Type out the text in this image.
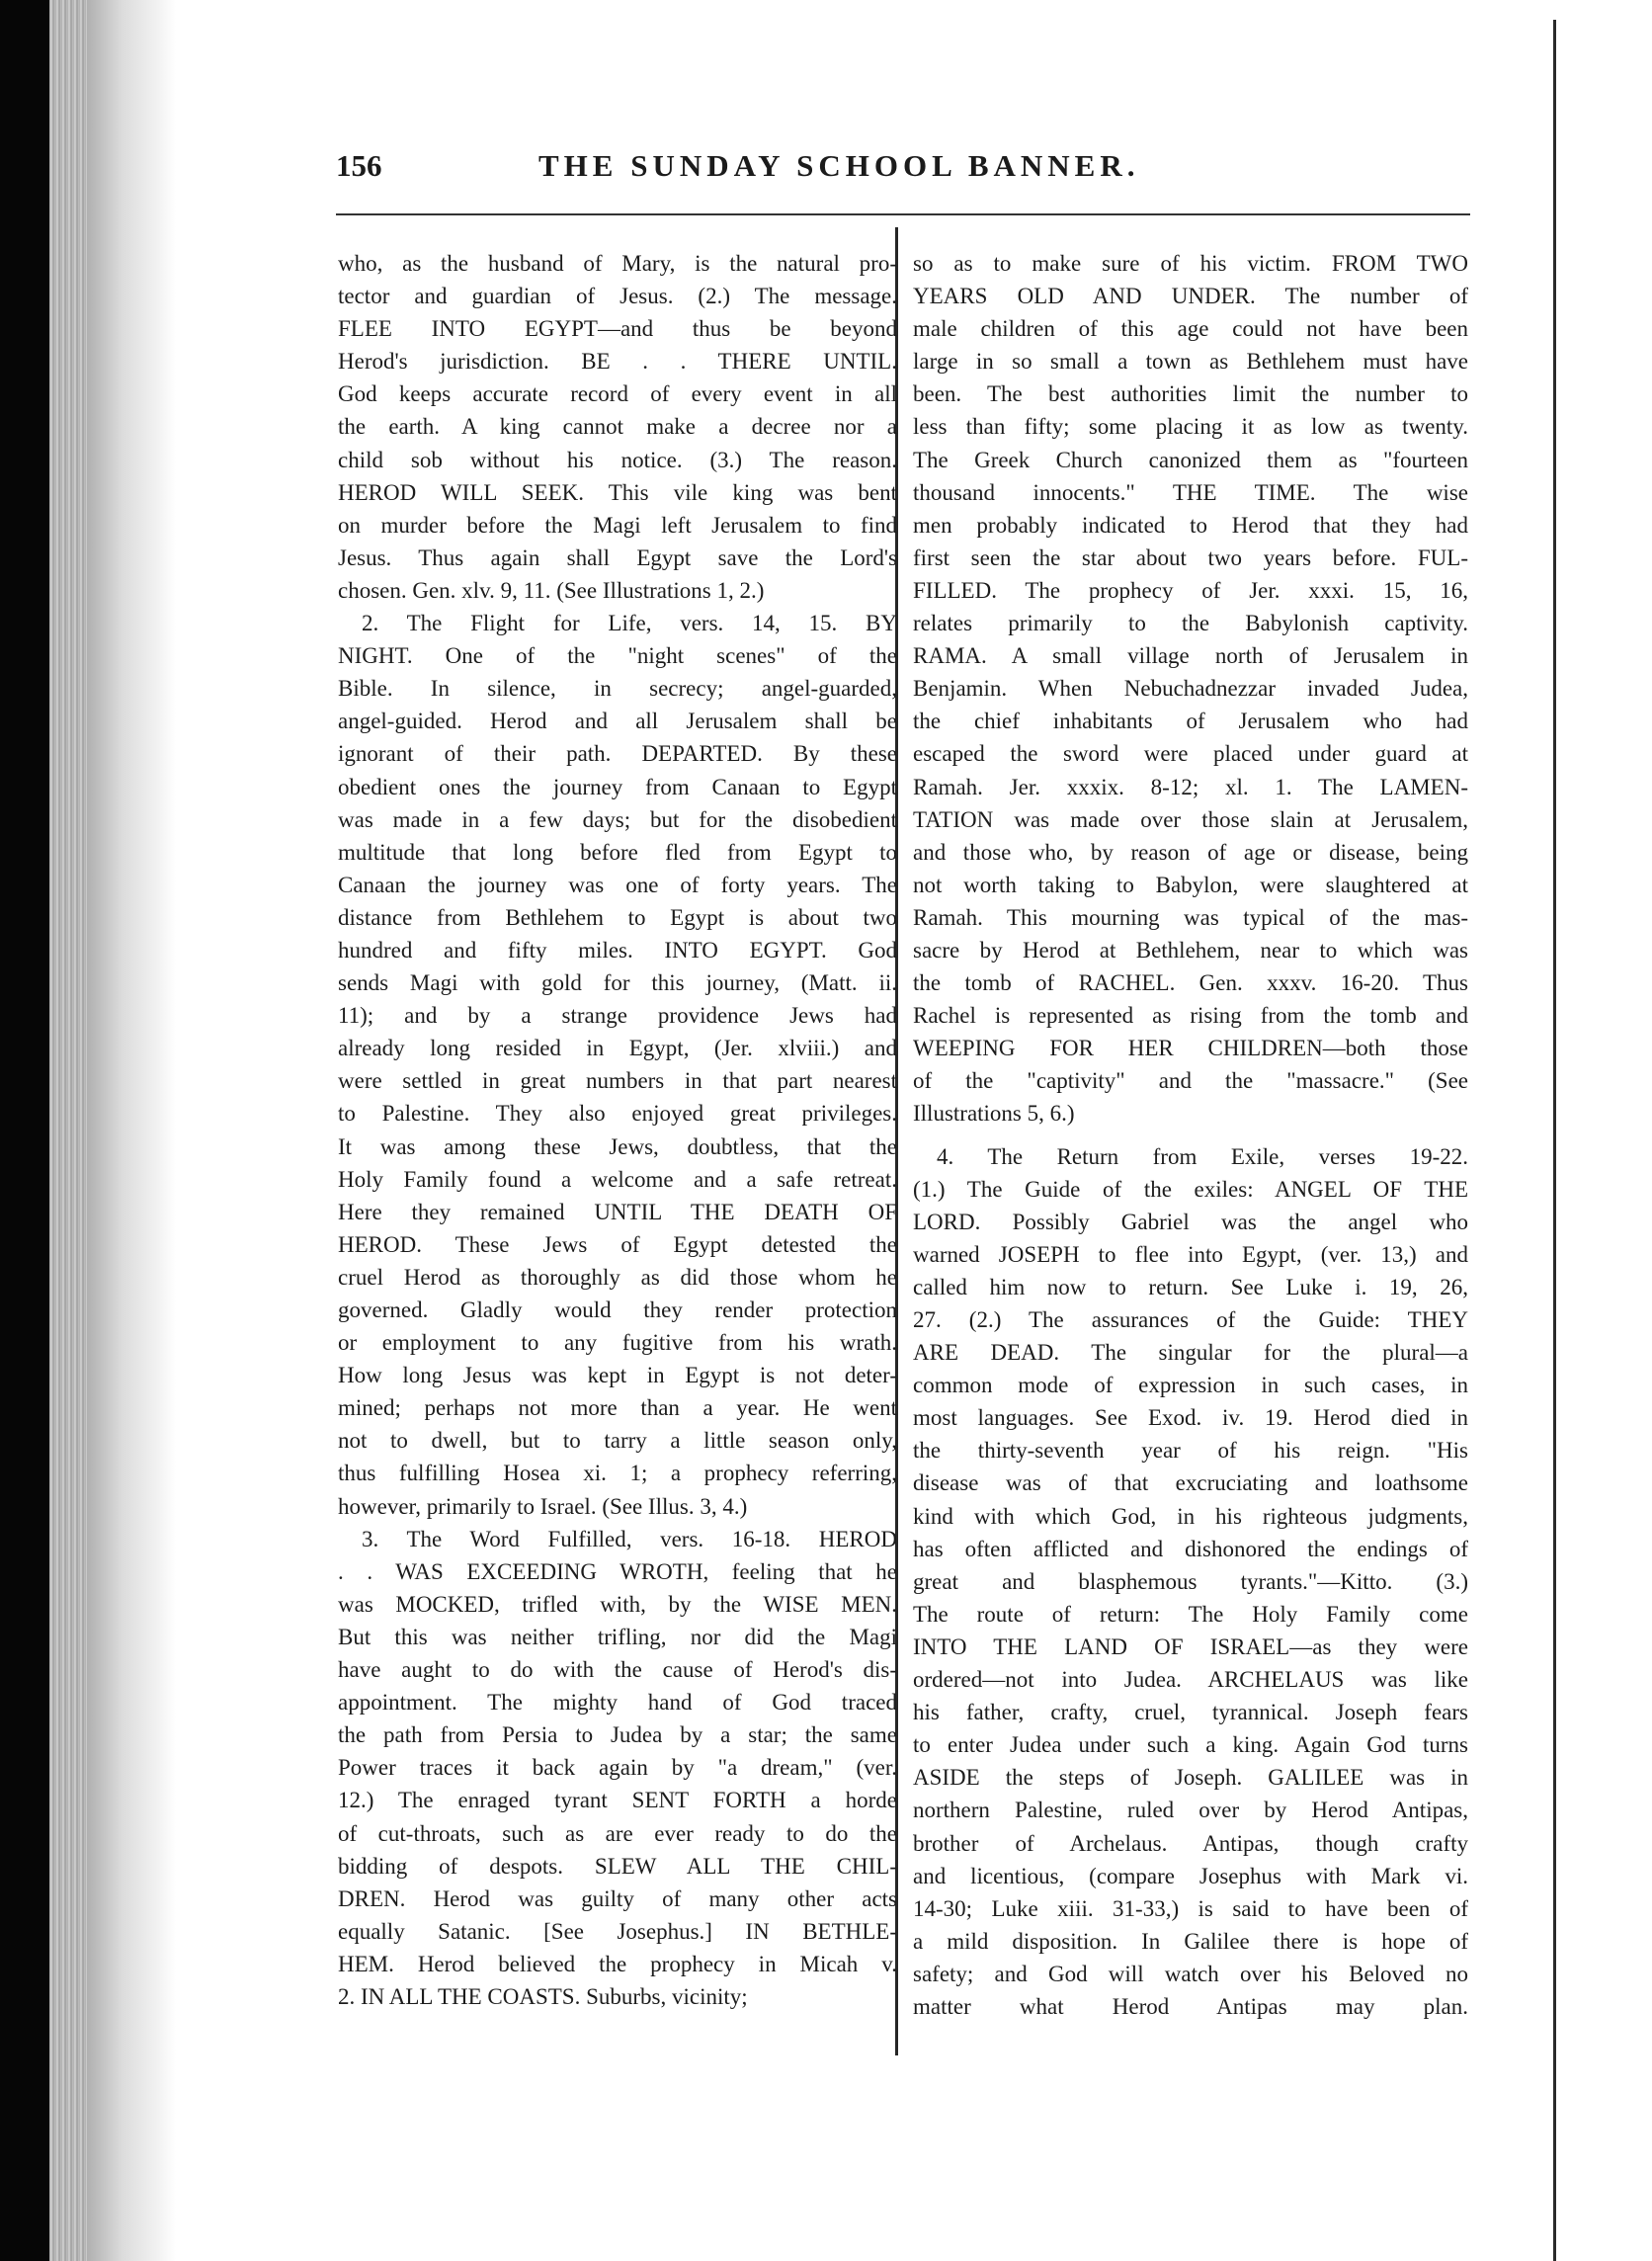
156	THE SUNDAY SCHOOL BANNER.
who, as the husband of Mary, is the natural pro-
tector and guardian of Jesus. (2.) The message.
FLEE INTO EGYPT—and thus be beyond
Herod's jurisdiction. BE . . THERE UNTIL.
God keeps accurate record of every event in all
the earth. A king cannot make a decree nor a
child sob without his notice. (3.) The reason.
HEROD WILL SEEK. This vile king was bent
on murder before the Magi left Jerusalem to find
Jesus. Thus again shall Egypt save the Lord's
chosen. Gen. xlv. 9, 11. (See Illustrations 1, 2.)
2. The Flight for Life, vers. 14, 15. BY
NIGHT. One of the "night scenes" of the
Bible. In silence, in secrecy; angel-guarded,
angel-guided. Herod and all Jerusalem shall be
ignorant of their path. DEPARTED. By these
obedient ones the journey from Canaan to Egypt
was made in a few days; but for the disobedient
multitude that long before fled from Egypt to
Canaan the journey was one of forty years. The
distance from Bethlehem to Egypt is about two
hundred and fifty miles. INTO EGYPT. God
sends Magi with gold for this journey, (Matt. ii.
11); and by a strange providence Jews had
already long resided in Egypt, (Jer. xlviii.) and
were settled in great numbers in that part nearest
to Palestine. They also enjoyed great privileges.
It was among these Jews, doubtless, that the
Holy Family found a welcome and a safe retreat.
Here they remained UNTIL THE DEATH OF
HEROD. These Jews of Egypt detested the
cruel Herod as thoroughly as did those whom he
governed. Gladly would they render protection
or employment to any fugitive from his wrath.
How long Jesus was kept in Egypt is not deter-
mined; perhaps not more than a year. He went
not to dwell, but to tarry a little season only,
thus fulfilling Hosea xi. 1; a prophecy referring,
however, primarily to Israel. (See Illus. 3, 4.)
3. The Word Fulfilled, vers. 16-18. HEROD
. . WAS EXCEEDING WROTH, feeling that he
was MOCKED, trifled with, by the WISE MEN.
But this was neither trifling, nor did the Magi
have aught to do with the cause of Herod's dis-
appointment. The mighty hand of God traced
the path from Persia to Judea by a star; the same
Power traces it back again by "a dream," (ver.
12.) The enraged tyrant SENT FORTH a horde
of cut-throats, such as are ever ready to do the
bidding of despots. SLEW ALL THE CHIL-
DREN. Herod was guilty of many other acts
equally Satanic. [See Josephus.] IN BETHLE-
HEM. Herod believed the prophecy in Micah v.
2. IN ALL THE COASTS. Suburbs, vicinity;
so as to make sure of his victim. FROM TWO
YEARS OLD AND UNDER. The number of
male children of this age could not have been
large in so small a town as Bethlehem must have
been. The best authorities limit the number to
less than fifty; some placing it as low as twenty.
The Greek Church canonized them as "fourteen
thousand innocents." THE TIME. The wise
men probably indicated to Herod that they had
first seen the star about two years before. FUL-
FILLED. The prophecy of Jer. xxxi. 15, 16,
relates primarily to the Babylonish captivity.
RAMA. A small village north of Jerusalem in
Benjamin. When Nebuchadnezzar invaded Judea,
the chief inhabitants of Jerusalem who had
escaped the sword were placed under guard at
Ramah. Jer. xxxix. 8-12; xl. 1. The LAMEN-
TATION was made over those slain at Jerusalem,
and those who, by reason of age or disease, being
not worth taking to Babylon, were slaughtered at
Ramah. This mourning was typical of the mas-
sacre by Herod at Bethlehem, near to which was
the tomb of RACHEL. Gen. xxxv. 16-20. Thus
Rachel is represented as rising from the tomb and
WEEPING FOR HER CHILDREN—both those
of the "captivity" and the "massacre." (See
Illustrations 5, 6.)
4. The Return from Exile, verses 19-22.
(1.) The Guide of the exiles: ANGEL OF THE
LORD. Possibly Gabriel was the angel who
warned JOSEPH to flee into Egypt, (ver. 13,) and
called him now to return. See Luke i. 19, 26,
27. (2.) The assurances of the Guide: THEY
ARE DEAD. The singular for the plural—a
common mode of expression in such cases, in
most languages. See Exod. iv. 19. Herod died in
the thirty-seventh year of his reign. "His
disease was of that excruciating and loathsome
kind with which God, in his righteous judgments,
has often afflicted and dishonored the endings of
great and blasphemous tyrants."—Kitto. (3.)
The route of return: The Holy Family come
INTO THE LAND OF ISRAEL—as they were
ordered—not into Judea. ARCHELAUS was like
his father, crafty, cruel, tyrannical. Joseph fears
to enter Judea under such a king. Again God turns
ASIDE the steps of Joseph. GALILEE was in
northern Palestine, ruled over by Herod Antipas,
brother of Archelaus. Antipas, though crafty
and licentious, (compare Josephus with Mark vi.
14-30; Luke xiii. 31-33,) is said to have been of
a mild disposition. In Galilee there is hope of
safety; and God will watch over his Beloved no
matter what Herod Antipas may plan.
